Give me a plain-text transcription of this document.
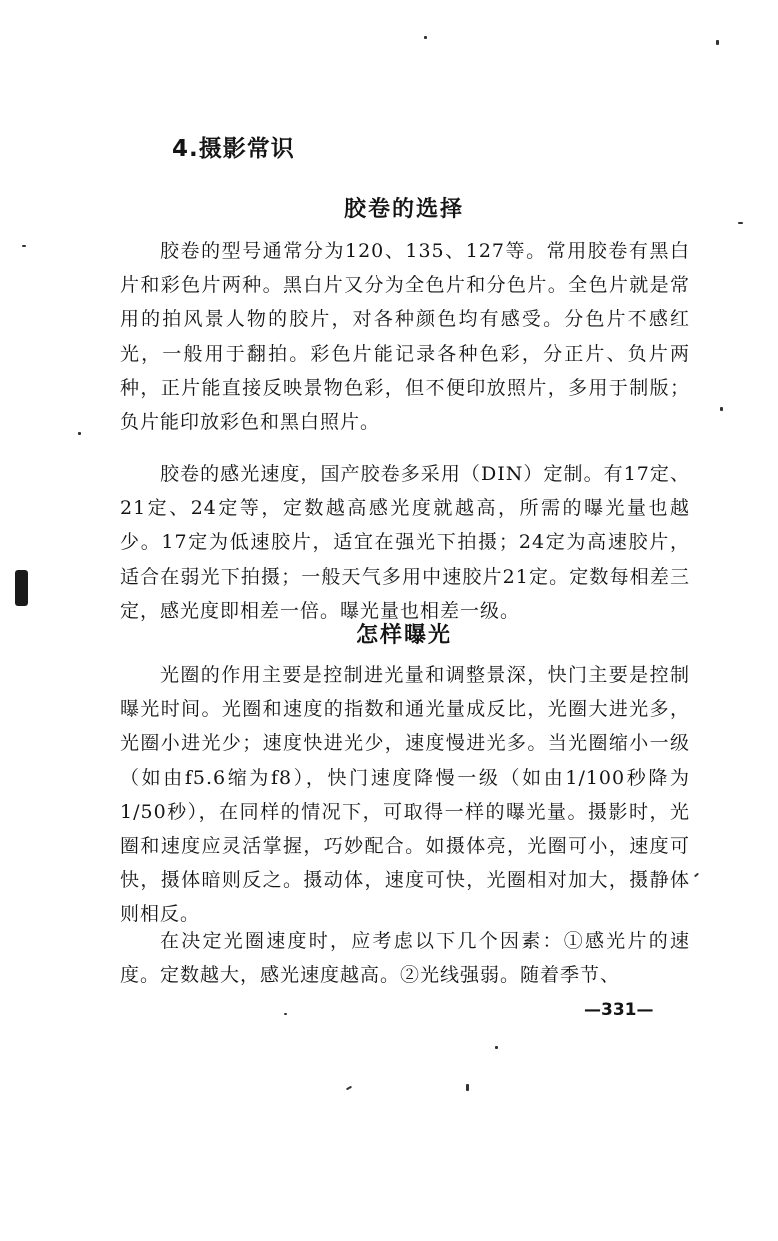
4.摄影常识
胶卷的选择

胶卷的型号通常分为120、135、127等。常用胶卷有黑白片和彩色片两种。黑白片又分为全色片和分色片。全色片就是常用的拍风景人物的胶片，对各种颜色均有感受。分色片不感红光，一般用于翻拍。彩色片能记录各种色彩，分正片、负片两种，正片能直接反映景物色彩，但不便印放照片，多用于制版；负片能印放彩色和黑白照片。

胶卷的感光速度，国产胶卷多采用（DIN）定制。有17定、21定、24定等，定数越高感光度就越高，所需的曝光量也越少。17定为低速胶片，适宜在强光下拍摄；24定为高速胶片，适合在弱光下拍摄；一般天气多用中速胶片21定。定数每相差三定，感光度即相差一倍。曝光量也相差一级。

怎样曝光

光圈的作用主要是控制进光量和调整景深，快门主要是控制曝光时间。光圈和速度的指数和通光量成反比，光圈大进光多，光圈小进光少；速度快进光少，速度慢进光多。当光圈缩小一级（如由f5.6缩为f8），快门速度降慢一级（如由1/100秒降为1/50秒），在同样的情况下，可取得一样的曝光量。摄影时，光圈和速度应灵活掌握，巧妙配合。如摄体亮，光圈可小，速度可快，摄体暗则反之。摄动体，速度可快，光圈相对加大，摄静体则相反。

在决定光圈速度时，应考虑以下几个因素：①感光片的速度。定数越大，感光速度越高。②光线强弱。随着季节、

—331—
